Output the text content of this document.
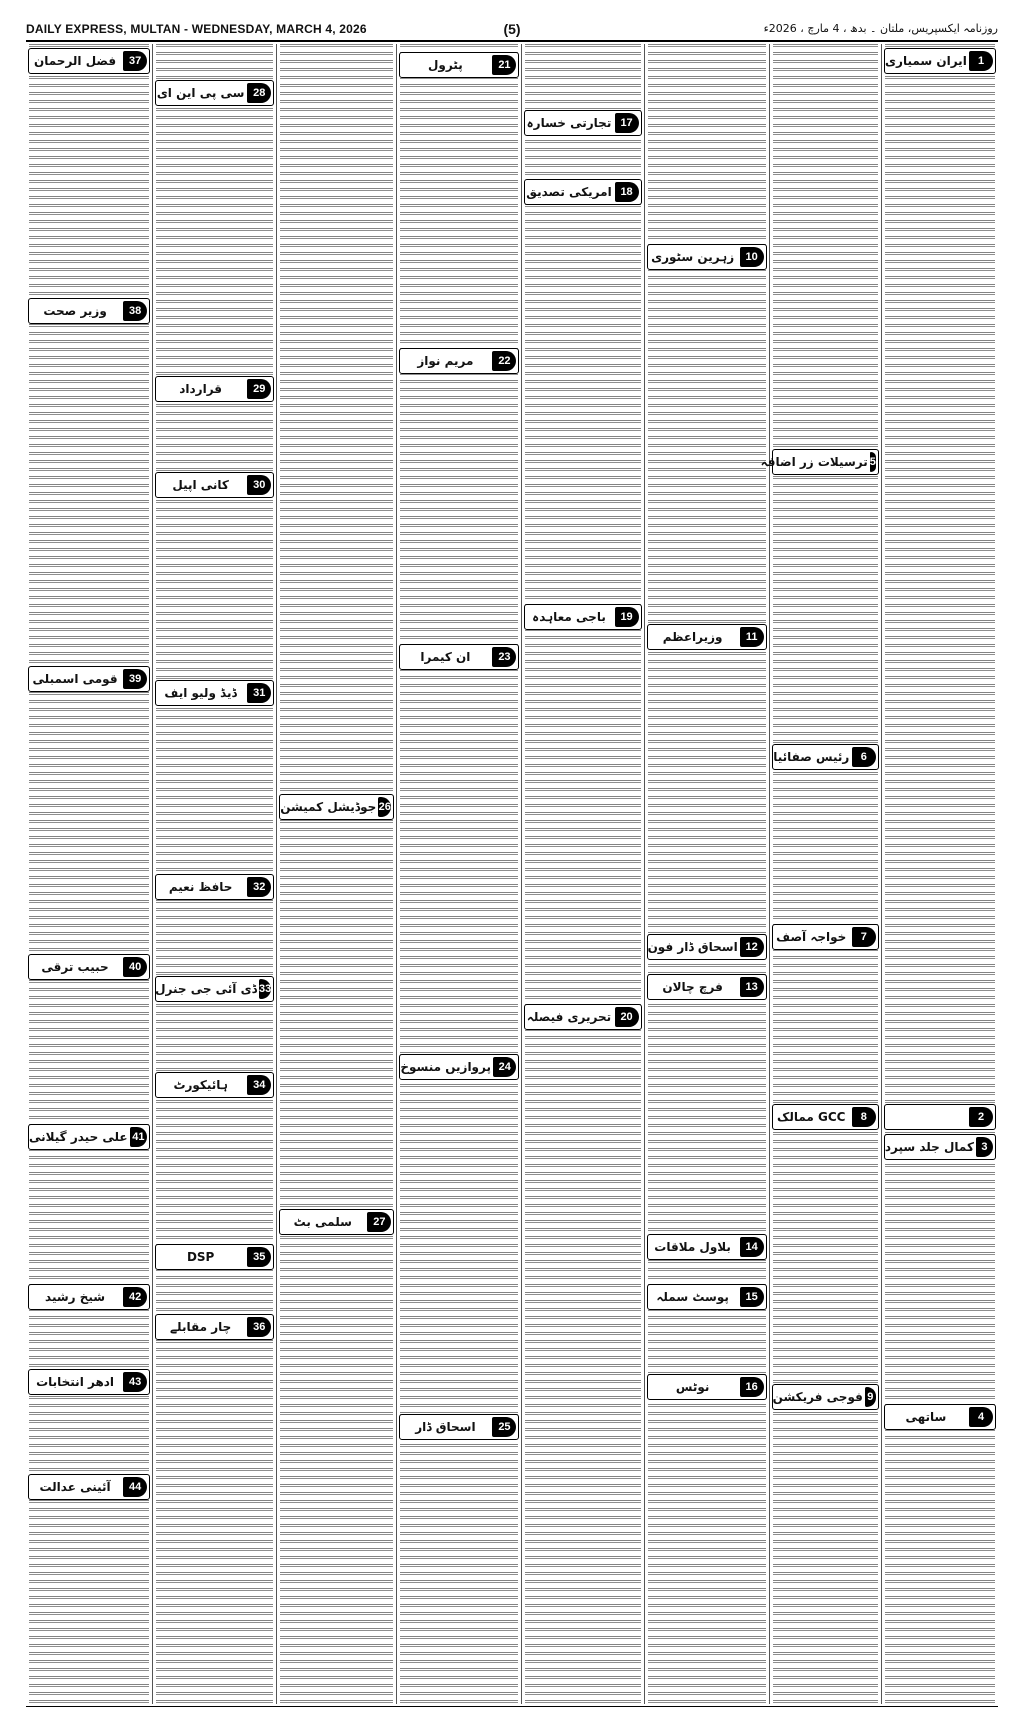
DAILY EXPRESS, MULTAN - WEDNESDAY, MARCH 4, 2026	(5)	روزنامہ ایکسپریس، ملتان ۔ بدھ ، 4 مارچ ، 2026ء
1
ایران سمیاری
2
3
کمال جلد سپرد
4
ساتھی
5
ترسیلات زر اضافہ
6
رئیس صفائیا
7
خواجہ آصف
8
GCC ممالک
9
فوجی فریکشن
10
زہرین سٹوری
11
وزیراعظم
12
اسحاق ڈار فون
13
فرچ چالان
14
بلاول ملاقات
15
پوسٹ سملہ
16
نوٹس
17
تجارتی خسارہ
18
امریکی تصدیق
19
باجی معاہدہ
20
تحریری فیصلہ
21
پٹرول
22
مریم نواز
23
ان کیمرا
24
پروازیں منسوخ
25
اسحاق ڈار
26
جوڈیشل کمیشن
27
سلمی بٹ
28
سی پی این ای
29
قرارداد
30
کانی اپیل
31
ڈیڈ ولیو ایف
32
حافظ نعیم
33
ڈی آئی جی جنرل
34
ہائیکورٹ
35
DSP
36
چار مقابلے
37
فضل الرحمان
38
وزیر صحت
39
قومی اسمبلی
40
حبیب ترقی
41
علی حیدر گیلانی
42
شیخ رشید
43
ادھر انتخابات
44
آئینی عدالت
